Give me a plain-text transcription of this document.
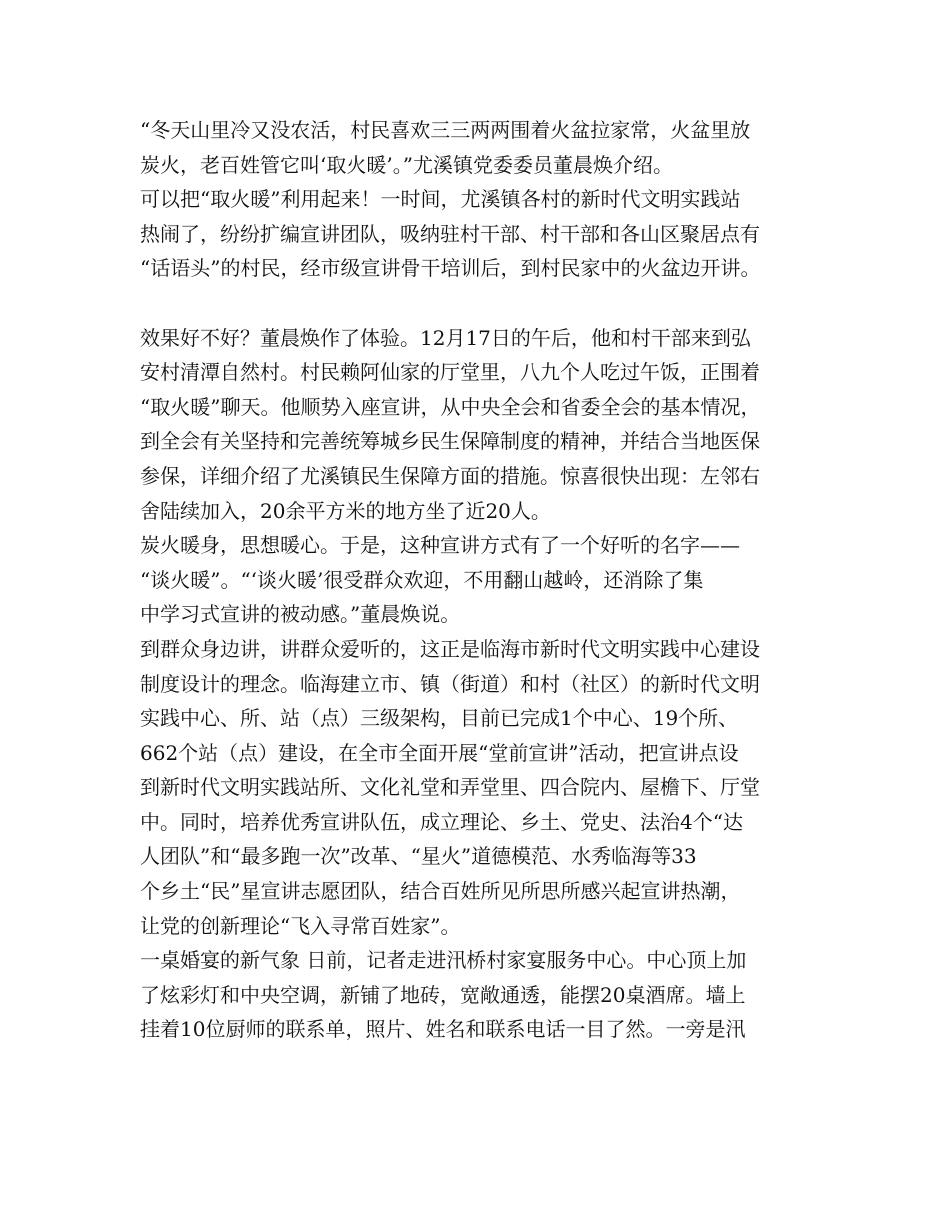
“冬天山里冷又没农活，村民喜欢三三两两围着火盆拉家常，火盆里放
炭火，老百姓管它叫‘取火暖’。”尤溪镇党委委员董晨焕介绍。

可以把“取火暖”利用起来！一时间，尤溪镇各村的新时代文明实践站
热闹了，纷纷扩编宣讲团队，吸纳驻村干部、村干部和各山区聚居点有
“话语头”的村民，经市级宣讲骨干培训后，到村民家中的火盆边开讲。

效果好不好？董晨焕作了体验。12月17日的午后，他和村干部来到弘
安村清潭自然村。村民赖阿仙家的厅堂里，八九个人吃过午饭，正围着
“取火暖”聊天。他顺势入座宣讲，从中央全会和省委全会的基本情况，
到全会有关坚持和完善统筹城乡民生保障制度的精神，并结合当地医保
参保，详细介绍了尤溪镇民生保障方面的措施。惊喜很快出现：左邻右
舍陆续加入，20余平方米的地方坐了近20人。

炭火暖身，思想暖心。于是，这种宣讲方式有了一个好听的名字——
“谈火暖”。“‘谈火暖’很受群众欢迎，不用翻山越岭，还消除了集
中学习式宣讲的被动感。”董晨焕说。

到群众身边讲，讲群众爱听的，这正是临海市新时代文明实践中心建设
制度设计的理念。临海建立市、镇（街道）和村（社区）的新时代文明
实践中心、所、站（点）三级架构，目前已完成1个中心、19个所、
662个站（点）建设，在全市全面开展“堂前宣讲”活动，把宣讲点设
到新时代文明实践站所、文化礼堂和弄堂里、四合院内、屋檐下、厅堂
中。同时，培养优秀宣讲队伍，成立理论、乡土、党史、法治4个“达
人团队”和“最多跑一次”改革、“星火”道德模范、水秀临海等33
个乡土“民”星宣讲志愿团队，结合百姓所见所思所感兴起宣讲热潮，
让党的创新理论“飞入寻常百姓家”。

一桌婚宴的新气象 日前，记者走进汛桥村家宴服务中心。中心顶上加
了炫彩灯和中央空调，新铺了地砖，宽敞通透，能摆20桌酒席。墙上
挂着10位厨师的联系单，照片、姓名和联系电话一目了然。一旁是汛
